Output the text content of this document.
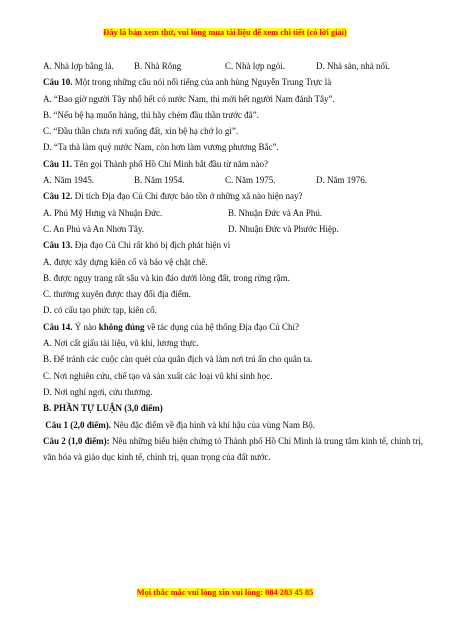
Đây là bản xem thử, vui lòng mua tài liệu để xem chi tiết (có lời giải)
A. Nhà lợp bằng lá.	B. Nhà Rông	C. Nhà lợp ngói.	D. Nhà sàn, nhà nối.
Câu 10. Một trong những câu nói nổi tiếng của anh hùng Nguyễn Trung Trực là
A. “Bao giờ người Tây nhổ hết cỏ nước Nam, thì mới hết người Nam đánh Tây”.
B. “Nếu bệ hạ muốn hàng, thì hãy chém đầu thần trước đã”.
C. “Đầu thần chưa rơi xuống đất, xin bệ hạ chớ lo gì”.
D. “Ta thà làm quỷ nước Nam, còn hơn làm vương phương Bắc”.
Câu 11. Tên gọi Thành phố Hồ Chí Minh bắt đầu từ năm nào?
A. Năm 1945.	B. Năm 1954.	C. Năm 1975.	D. Năm 1976.
Câu 12. Di tích Địa đạo Củ Chi được bảo tồn ở những xã nào hiện nay?
A. Phú Mỹ Hưng và Nhuận Đức.	B. Nhuận Đức và An Phú.
C. An Phú và An Nhơn Tây.	D. Nhuận Đức và Phước Hiệp.
Câu 13. Địa đạo Củ Chi rất khó bị địch phát hiện vì
A. được xây dựng kiên cố và bảo vệ chặt chẽ.
B. được ngụy trang rất sâu và kín đáo dưới lòng đất, trong rừng rậm.
C. thường xuyên được thay đổi địa điểm.
D. có cấu tạo phức tạp, kiên cố.
Câu 14. Ý nào không đúng về tác dụng của hệ thống Địa đạo Củ Chi?
A. Nơi cất giấu tài liệu, vũ khí, lương thực.
B. Để tránh các cuộc càn quét của quân địch và làm nơi trú ẩn cho quân ta.
C. Nơi nghiên cứu, chế tạo và sản xuất các loại vũ khí sinh học.
D. Nơi nghỉ ngơi, cứu thương.
B. PHẦN TỰ LUẬN (3,0 điểm)
Câu 1 (2,0 điểm). Nêu đặc điểm về địa hình và khí hậu của vùng Nam Bộ.
Câu 2 (1,0 điểm): Nêu những biểu hiện chứng tỏ Thành phố Hồ Chí Minh là trung tâm kinh tế, chính trị, văn hóa và giáo dục kinh tế, chính trị, quan trọng của đất nước.
Mọi thắc mắc vui lòng xin vui lòng: 084 283 45 85
